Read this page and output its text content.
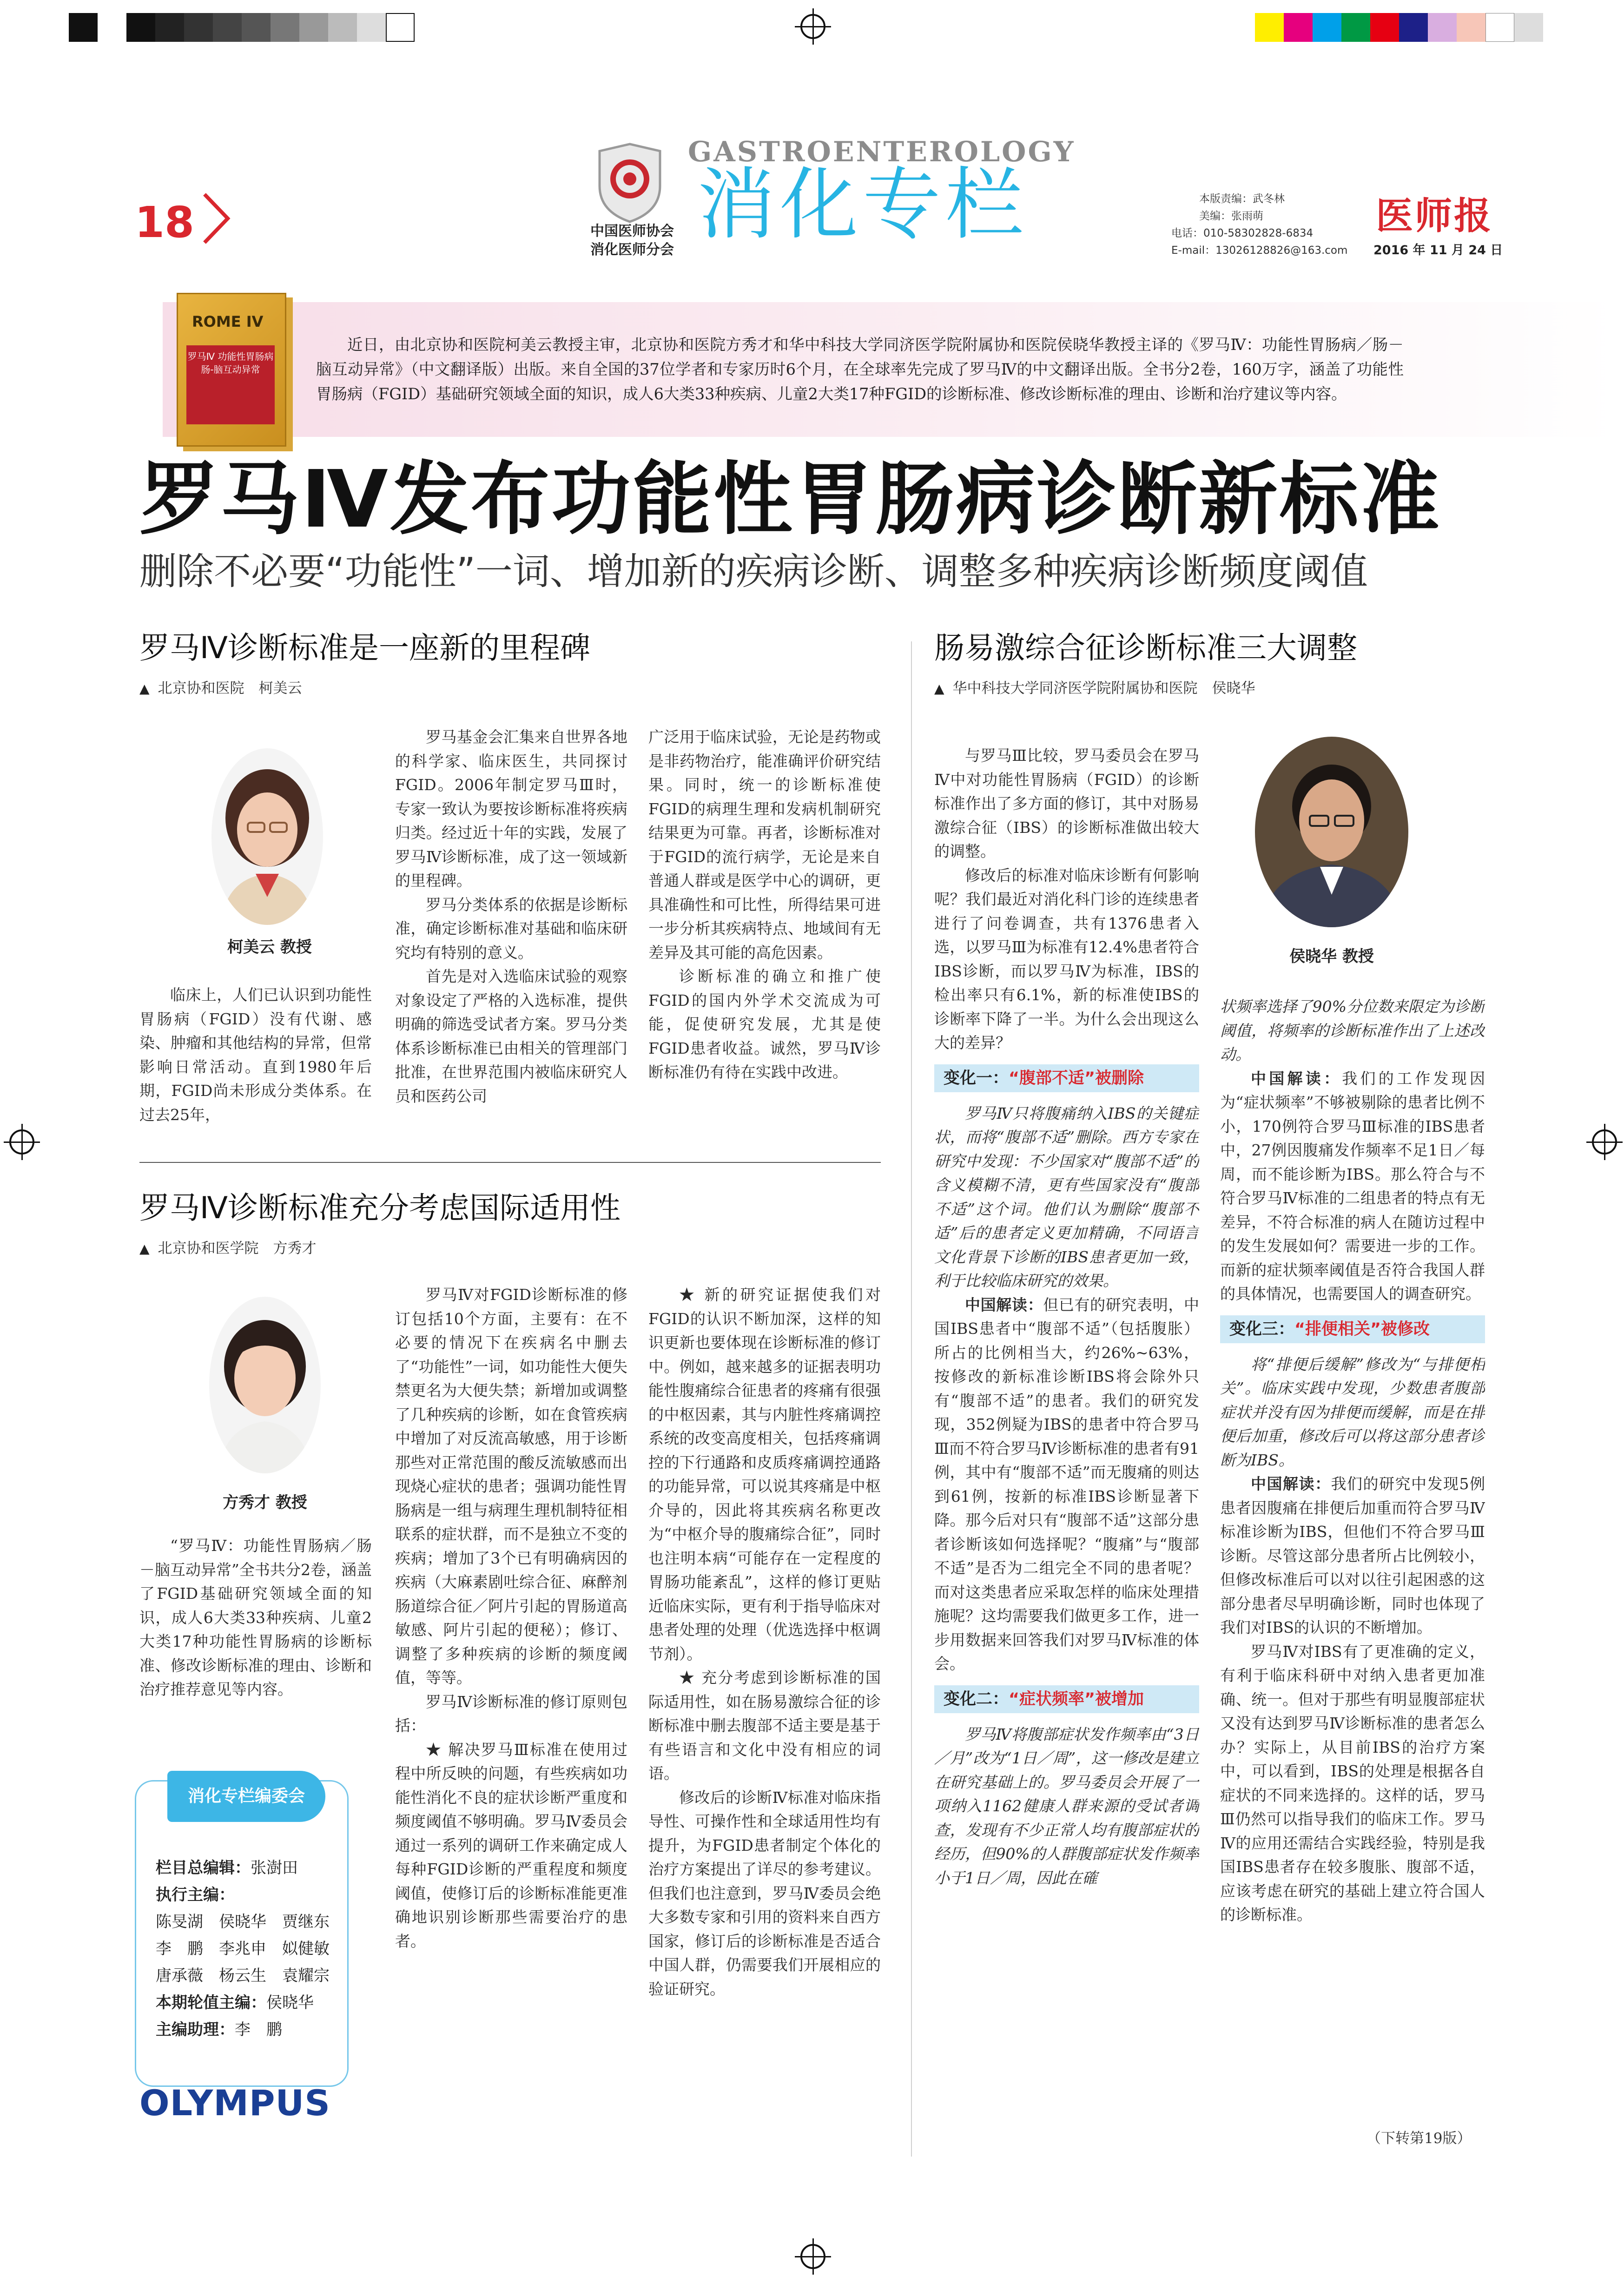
18	中国医师协会
消化医师分会
GASTROENTEROLOGY
消化专栏	本版责编：武冬林
美编：张雨萌
电话：010-58302828-6834
E-mail：13026128826@163.com
医师报
2016 年 11 月 24 日
ROME IV
罗马Ⅳ 功能性胃肠病 肠-脑互动异常
近日，由北京协和医院柯美云教授主审，北京协和医院方秀才和华中科技大学同济医学院附属协和医院侯晓华教授主译的《罗马Ⅳ：功能性胃肠病／肠－脑互动异常》（中文翻译版）出版。来自全国的37位学者和专家历时6个月，在全球率先完成了罗马Ⅳ的中文翻译出版。全书分2卷，160万字，涵盖了功能性胃肠病（FGID）基础研究领域全面的知识，成人6大类33种疾病、儿童2大类17种FGID的诊断标准、修改诊断标准的理由、诊断和治疗建议等内容。
罗马Ⅳ发布功能性胃肠病诊断新标准
删除不必要“功能性”一词、增加新的疾病诊断、调整多种疾病诊断频度阈值
罗马Ⅳ诊断标准是一座新的里程碑
▲ 北京协和医院　柯美云
柯美云 教授

临床上，人们已认识到功能性胃肠病（FGID）没有代谢、感染、肿瘤和其他结构的异常，但常影响日常活动。直到1980年后期，FGID尚未形成分类体系。在过去25年，

罗马基金会汇集来自世界各地的科学家、临床医生，共同探讨FGID。2006年制定罗马Ⅲ时，专家一致认为要按诊断标准将疾病归类。经过近十年的实践，发展了罗马Ⅳ诊断标准，成了这一领域新的里程碑。

罗马分类体系的依据是诊断标准，确定诊断标准对基础和临床研究均有特别的意义。

首先是对入选临床试验的观察对象设定了严格的入选标准，提供明确的筛选受试者方案。罗马分类体系诊断标准已由相关的管理部门批准，在世界范围内被临床研究人员和医药公司

广泛用于临床试验，无论是药物或是非药物治疗，能准确评价研究结果。同时，统一的诊断标准使FGID的病理生理和发病机制研究结果更为可靠。再者，诊断标准对于FGID的流行病学，无论是来自普通人群或是医学中心的调研，更具准确性和可比性，所得结果可进一步分析其疾病特点、地域间有无差异及其可能的高危因素。

诊断标准的确立和推广使FGID的国内外学术交流成为可能，促使研究发展，尤其是使FGID患者收益。诚然，罗马Ⅳ诊断标准仍有待在实践中改进。

罗马Ⅳ诊断标准充分考虑国际适用性
▲ 北京协和医学院　方秀才
方秀才 教授

“罗马Ⅳ：功能性胃肠病／肠－脑互动异常”全书共分2卷，涵盖了FGID基础研究领域全面的知识，成人6大类33种疾病、儿童2大类17种功能性胃肠病的诊断标准、修改诊断标准的理由、诊断和治疗推荐意见等内容。

罗马Ⅳ对FGID诊断标准的修订包括10个方面，主要有：在不必要的情况下在疾病名中删去了“功能性”一词，如功能性大便失禁更名为大便失禁；新增加或调整了几种疾病的诊断，如在食管疾病中增加了对反流高敏感，用于诊断那些对正常范围的酸反流敏感而出现烧心症状的患者；强调功能性胃肠病是一组与病理生理机制特征相联系的症状群，而不是独立不变的疾病；增加了3个已有明确病因的疾病（大麻素剧吐综合征、麻醉剂肠道综合征／阿片引起的胃肠道高敏感、阿片引起的便秘）；修订、调整了多种疾病的诊断的频度阈值，等等。

罗马Ⅳ诊断标准的修订原则包括：

★ 解决罗马Ⅲ标准在使用过程中所反映的问题，有些疾病如功能性消化不良的症状诊断严重度和频度阈值不够明确。罗马Ⅳ委员会通过一系列的调研工作来确定成人每种FGID诊断的严重程度和频度阈值，使修订后的诊断标准能更准确地识别诊断那些需要治疗的患者。

★ 新的研究证据使我们对FGID的认识不断加深，这样的知识更新也要体现在诊断标准的修订中。例如，越来越多的证据表明功能性腹痛综合征患者的疼痛有很强的中枢因素，其与内脏性疼痛调控系统的改变高度相关，包括疼痛调控的下行通路和皮质疼痛调控通路的功能异常，可以说其疼痛是中枢介导的，因此将其疾病名称更改为“中枢介导的腹痛综合征”，同时也注明本病“可能存在一定程度的胃肠功能紊乱”，这样的修订更贴近临床实际，更有利于指导临床对患者处理的处理（优选选择中枢调节剂）。

★ 充分考虑到诊断标准的国际适用性，如在肠易激综合征的诊断标准中删去腹部不适主要是基于有些语言和文化中没有相应的词语。

修改后的诊断Ⅳ标准对临床指导性、可操作性和全球适用性均有提升，为FGID患者制定个体化的治疗方案提出了详尽的参考建议。但我们也注意到，罗马Ⅳ委员会绝大多数专家和引用的资料来自西方国家，修订后的诊断标准是否适合中国人群，仍需要我们开展相应的验证研究。

消化专栏编委会
栏目总编辑：张澍田
执行主编：
陈旻湖　侯晓华　贾继东
李　鹏　李兆申　姒健敏
唐承薇　杨云生　袁耀宗
本期轮值主编：侯晓华
主编助理：李　鹏
OLYMPUS
肠易激综合征诊断标准三大调整
▲ 华中科技大学同济医学院附属协和医院　侯晓华
侯晓华 教授

与罗马Ⅲ比较，罗马委员会在罗马Ⅳ中对功能性胃肠病（FGID）的诊断标准作出了多方面的修订，其中对肠易激综合征（IBS）的诊断标准做出较大的调整。

修改后的标准对临床诊断有何影响呢？我们最近对消化科门诊的连续患者进行了问卷调查，共有1376患者入选，以罗马Ⅲ为标准有12.4%患者符合IBS诊断，而以罗马Ⅳ为标准，IBS的检出率只有6.1%，新的标准使IBS的诊断率下降了一半。为什么会出现这么大的差异？

变化一：“腹部不适”被删除

罗马Ⅳ只将腹痛纳入IBS的关键症状，而将“腹部不适”删除。西方专家在研究中发现：不少国家对“腹部不适”的含义模糊不清，更有些国家没有“腹部不适”这个词。他们认为删除“腹部不适”后的患者定义更加精确，不同语言文化背景下诊断的IBS患者更加一致，利于比较临床研究的效果。

中国解读：但已有的研究表明，中国IBS患者中“腹部不适”（包括腹胀）所占的比例相当大，约26%~63%，按修改的新标准诊断IBS将会除外只有“腹部不适”的患者。我们的研究发现，352例疑为IBS的患者中符合罗马Ⅲ而不符合罗马Ⅳ诊断标准的患者有91例，其中有“腹部不适”而无腹痛的则达到61例，按新的标准IBS诊断显著下降。那今后对只有“腹部不适”这部分患者诊断该如何选择呢？“腹痛”与“腹部不适”是否为二组完全不同的患者呢？而对这类患者应采取怎样的临床处理措施呢？这均需要我们做更多工作，进一步用数据来回答我们对罗马Ⅳ标准的体会。

变化二：“症状频率”被增加

罗马Ⅳ将腹部症状发作频率由“3日／月”改为“1日／周”，这一修改是建立在研究基础上的。罗马委员会开展了一项纳入1162健康人群来源的受试者调查，发现有不少正常人均有腹部症状的经历，但90%的人群腹部症状发作频率小于1日／周，因此在確

状频率选择了90%分位数来限定为诊断阈值，将频率的诊断标准作出了上述改动。

中国解读：我们的工作发现因为“症状频率”不够被剔除的患者比例不小，170例符合罗马Ⅲ标准的IBS患者中，27例因腹痛发作频率不足1日／每周，而不能诊断为IBS。那么符合与不符合罗马Ⅳ标准的二组患者的特点有无差异，不符合标准的病人在随访过程中的发生发展如何？需要进一步的工作。而新的症状频率阈值是否符合我国人群的具体情况，也需要国人的调查研究。

变化三：“排便相关”被修改

将“排便后缓解”修改为“与排便相关”。临床实践中发现，少数患者腹部症状并没有因为排便而缓解，而是在排便后加重，修改后可以将这部分患者诊断为IBS。

中国解读：我们的研究中发现5例患者因腹痛在排便后加重而符合罗马Ⅳ标准诊断为IBS，但他们不符合罗马Ⅲ诊断。尽管这部分患者所占比例较小，但修改标准后可以对以往引起困惑的这部分患者尽早明确诊断，同时也体现了我们对IBS的认识的不断增加。

罗马Ⅳ对IBS有了更准确的定义，有利于临床科研中对纳入患者更加准确、统一。但对于那些有明显腹部症状又没有达到罗马Ⅳ诊断标准的患者怎么办？实际上，从目前IBS的治疗方案中，可以看到，IBS的处理是根据各自症状的不同来选择的。这样的话，罗马Ⅲ仍然可以指导我们的临床工作。罗马Ⅳ的应用还需结合实践经验，特别是我国IBS患者存在较多腹胀、腹部不适，应该考虑在研究的基础上建立符合国人的诊断标准。

（下转第19版）
